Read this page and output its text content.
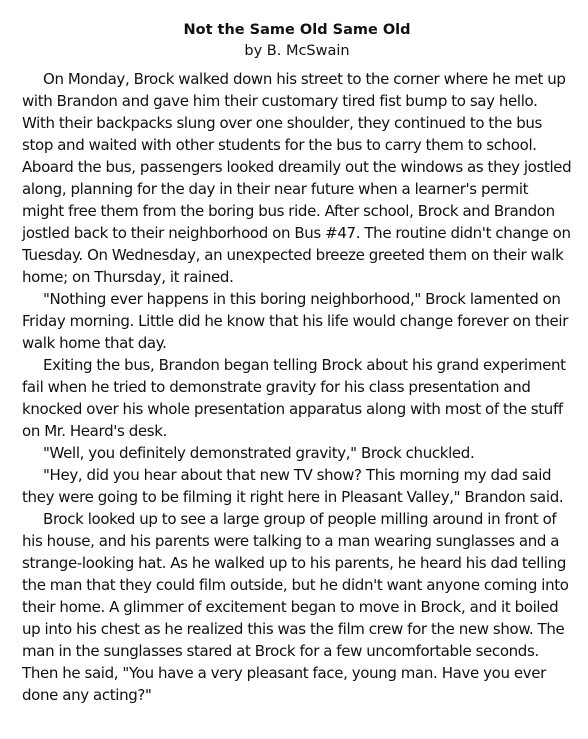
Not the Same Old Same Old
by B. McSwain

On Monday, Brock walked down his street to the corner where he met up with Brandon and gave him their customary tired fist bump to say hello. With their backpacks slung over one shoulder, they continued to the bus stop and waited with other students for the bus to carry them to school. Aboard the bus, passengers looked dreamily out the windows as they jostled along, planning for the day in their near future when a learner's permit might free them from the boring bus ride. After school, Brock and Brandon jostled back to their neighborhood on Bus #47. The routine didn't change on Tuesday. On Wednesday, an unexpected breeze greeted them on their walk home; on Thursday, it rained.

"Nothing ever happens in this boring neighborhood," Brock lamented on Friday morning. Little did he know that his life would change forever on their walk home that day.

Exiting the bus, Brandon began telling Brock about his grand experiment fail when he tried to demonstrate gravity for his class presentation and knocked over his whole presentation apparatus along with most of the stuff on Mr. Heard's desk.

"Well, you definitely demonstrated gravity," Brock chuckled.

"Hey, did you hear about that new TV show? This morning my dad said they were going to be filming it right here in Pleasant Valley," Brandon said.

Brock looked up to see a large group of people milling around in front of his house, and his parents were talking to a man wearing sunglasses and a strange-looking hat. As he walked up to his parents, he heard his dad telling the man that they could film outside, but he didn't want anyone coming into their home. A glimmer of excitement began to move in Brock, and it boiled up into his chest as he realized this was the film crew for the new show. The man in the sunglasses stared at Brock for a few uncomfortable seconds. Then he said, "You have a very pleasant face, young man. Have you ever done any acting?"
